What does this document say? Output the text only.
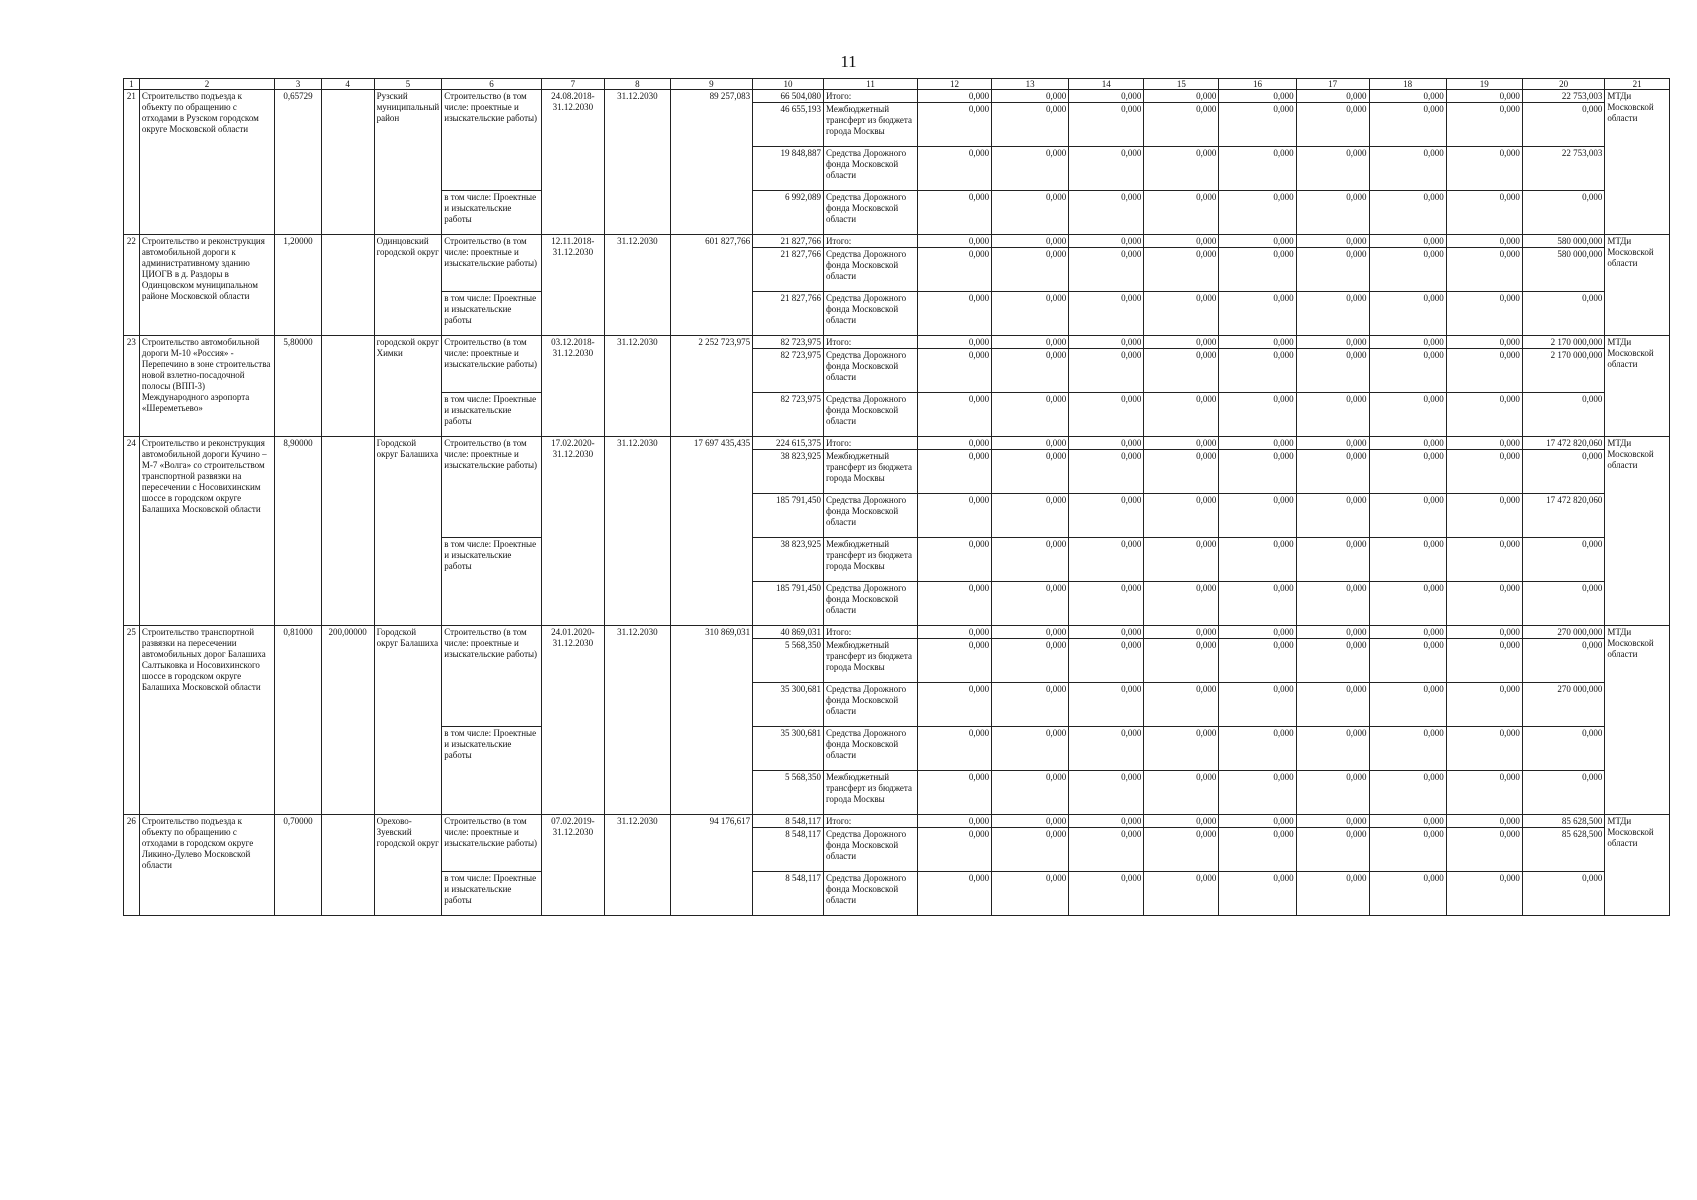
11
1	2	3	4	5	6	7	8	9	10	11	12	13	14	15	16	17	18	19	20	21
21	Строительство подъезда к объекту по обращению с отходами в Рузском городском округе Московской области	0,65729		Рузский муниципальный район	Строительство (в том числе: проектные и изыскательские работы)	24.08.2018-31.12.2030	31.12.2030	89 257,083	66 504,080	Итого:	0,000	0,000	0,000	0,000	0,000	0,000	0,000	0,000	22 753,003	МТДи Московской области
									46 655,193	Межбюджетный трансферт из бюджета города Москвы	0,000	0,000	0,000	0,000	0,000	0,000	0,000	0,000	0,000	
									19 848,887	Средства Дорожного фонда Московской области	0,000	0,000	0,000	0,000	0,000	0,000	0,000	0,000	22 753,003	
					в том числе: Проектные и изыскательские работы				6 992,089	Средства Дорожного фонда Московской области	0,000	0,000	0,000	0,000	0,000	0,000	0,000	0,000	0,000	
22	Строительство и реконструкция автомобильной дороги к административному зданию ЦИОГВ в д. Раздоры в Одинцовском муниципальном районе Московской области	1,20000		Одинцовский городской округ	Строительство (в том числе: проектные и изыскательские работы)	12.11.2018-31.12.2030	31.12.2030	601 827,766	21 827,766	Итого:	0,000	0,000	0,000	0,000	0,000	0,000	0,000	0,000	580 000,000	МТДи Московской области
									21 827,766	Средства Дорожного фонда Московской области	0,000	0,000	0,000	0,000	0,000	0,000	0,000	0,000	580 000,000	
					в том числе: Проектные и изыскательские работы				21 827,766	Средства Дорожного фонда Московской области	0,000	0,000	0,000	0,000	0,000	0,000	0,000	0,000	0,000	
23	Строительство автомобильной дороги М-10 «Россия» - Перепечино в зоне строительства новой взлетно-посадочной полосы (ВПП-3) Международного аэропорта «Шереметьево»	5,80000		городской округ Химки	Строительство (в том числе: проектные и изыскательские работы)	03.12.2018-31.12.2030	31.12.2030	2 252 723,975	82 723,975	Итого:	0,000	0,000	0,000	0,000	0,000	0,000	0,000	0,000	2 170 000,000	МТДи Московской области
									82 723,975	Средства Дорожного фонда Московской области	0,000	0,000	0,000	0,000	0,000	0,000	0,000	0,000	2 170 000,000	
					в том числе: Проектные и изыскательские работы				82 723,975	Средства Дорожного фонда Московской области	0,000	0,000	0,000	0,000	0,000	0,000	0,000	0,000	0,000	
24	Строительство и реконструкция автомобильной дороги Кучино – М-7 «Волга» со строительством транспортной развязки на пересечении с Носовихинским шоссе в городском округе Балашиха Московской области	8,90000		Городской округ Балашиха	Строительство (в том числе: проектные и изыскательские работы)	17.02.2020-31.12.2030	31.12.2030	17 697 435,435	224 615,375	Итого:	0,000	0,000	0,000	0,000	0,000	0,000	0,000	0,000	17 472 820,060	МТДи Московской области
									38 823,925	Межбюджетный трансферт из бюджета города Москвы	0,000	0,000	0,000	0,000	0,000	0,000	0,000	0,000	0,000	
									185 791,450	Средства Дорожного фонда Московской области	0,000	0,000	0,000	0,000	0,000	0,000	0,000	0,000	17 472 820,060	
					в том числе: Проектные и изыскательские работы				38 823,925	Межбюджетный трансферт из бюджета города Москвы	0,000	0,000	0,000	0,000	0,000	0,000	0,000	0,000	0,000	
									185 791,450	Средства Дорожного фонда Московской области	0,000	0,000	0,000	0,000	0,000	0,000	0,000	0,000	0,000	
25	Строительство транспортной развязки на пересечении автомобильных дорог Балашиха Салтыковка и Носовихинского шоссе в городском округе Балашиха Московской области	0,81000	200,00000	Городской округ Балашиха	Строительство (в том числе: проектные и изыскательские работы)	24.01.2020-31.12.2030	31.12.2030	310 869,031	40 869,031	Итого:	0,000	0,000	0,000	0,000	0,000	0,000	0,000	0,000	270 000,000	МТДи Московской области
									5 568,350	Межбюджетный трансферт из бюджета города Москвы	0,000	0,000	0,000	0,000	0,000	0,000	0,000	0,000	0,000	
									35 300,681	Средства Дорожного фонда Московской области	0,000	0,000	0,000	0,000	0,000	0,000	0,000	0,000	270 000,000	
					в том числе: Проектные и изыскательские работы				35 300,681	Средства Дорожного фонда Московской области	0,000	0,000	0,000	0,000	0,000	0,000	0,000	0,000	0,000	
									5 568,350	Межбюджетный трансферт из бюджета города Москвы	0,000	0,000	0,000	0,000	0,000	0,000	0,000	0,000	0,000	
26	Строительство подъезда к объекту по обращению с отходами в городском округе Ликино-Дулево Московской области	0,70000		Орехово-Зуевский городской округ	Строительство (в том числе: проектные и изыскательские работы)	07.02.2019-31.12.2030	31.12.2030	94 176,617	8 548,117	Итого:	0,000	0,000	0,000	0,000	0,000	0,000	0,000	0,000	85 628,500	МТДи Московской области
									8 548,117	Средства Дорожного фонда Московской области	0,000	0,000	0,000	0,000	0,000	0,000	0,000	0,000	85 628,500	
					в том числе: Проектные и изыскательские работы				8 548,117	Средства Дорожного фонда Московской области	0,000	0,000	0,000	0,000	0,000	0,000	0,000	0,000	0,000	
